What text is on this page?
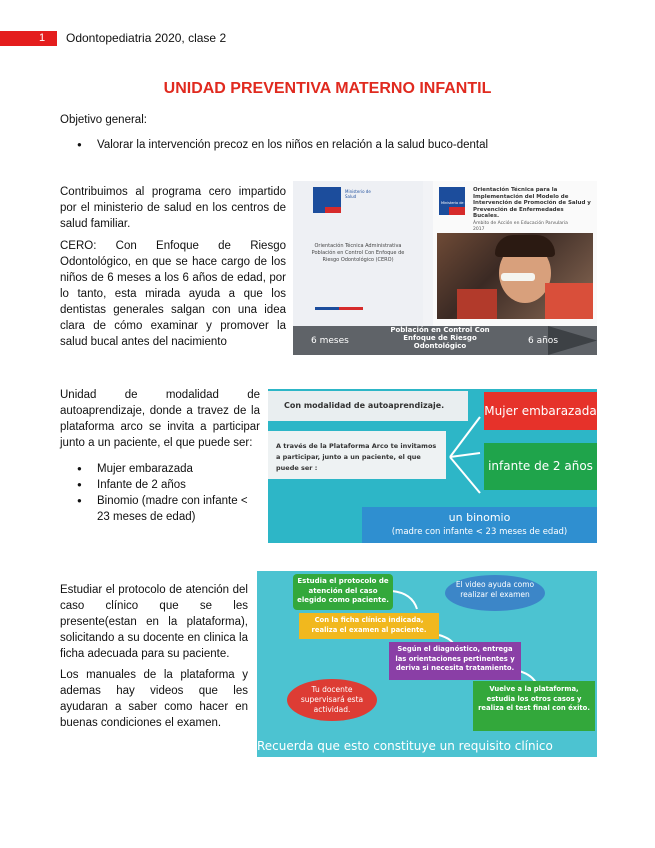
1	Odontopediatria 2020, clase 2
UNIDAD PREVENTIVA MATERNO INFANTIL
Objetivo general:
● Valorar la intervención precoz en los niños en relación a la salud buco-dental
Contribuimos al programa cero impartido por el ministerio de salud en los centros de salud familiar.
CERO: Con Enfoque de Riesgo Odontológico, en que se hace cargo de los niños de 6 meses a los 6 años de edad, por lo tanto, esta mirada ayuda a que los dentistas generales salgan con una idea clara de cómo examinar y promover la salud bucal antes del nacimiento
Ministerio de Salud
Orientación Técnica Administrativa Población en Control Con Enfoque de Riesgo Odontológico (CERO)
Ministerio de Salud
Orientación Técnica para la Implementación del Modelo de Intervención de Promoción de Salud y Prevención de Enfermedades Bucales.
Ámbito de Acción en Educación Parvularia 2017
6 meses
Población en Control Con Enfoque de Riesgo Odontológico	6 años
Unidad de modalidad de autoaprendizaje, donde a travez de la plataforma arco se invita a participar junto a un paciente, el que puede ser:
● Mujer embarazada
● Infante de 2 años
● Binomio (madre con infante < 23 meses de edad)
Con modalidad de autoaprendizaje.
A través de la Plataforma Arco te invitamos a participar, junto a un paciente, el que puede ser :
Mujer embarazada
infante de 2 años
un binomio
(madre con infante < 23 meses de edad)
Estudiar el protocolo de atención del caso clínico que se les presente(estan en la plataforma), solicitando a su docente en clinica la ficha adecuada para su paciente.
Los manuales de la plataforma y ademas hay videos que les ayudaran a saber como hacer en buenas condiciones el examen.
Estudia el protocolo de atención del caso elegido como paciente.
El video ayuda como realizar el examen
Con la ficha clínica indicada, realiza el examen al paciente.
Según el diagnóstico, entrega las orientaciones pertinentes y deriva si necesita tratamiento.
Tu docente supervisará esta actividad.
Vuelve a la plataforma, estudia los otros casos y realiza el test final con éxito.
Recuerda que esto constituye un requisito clínico
